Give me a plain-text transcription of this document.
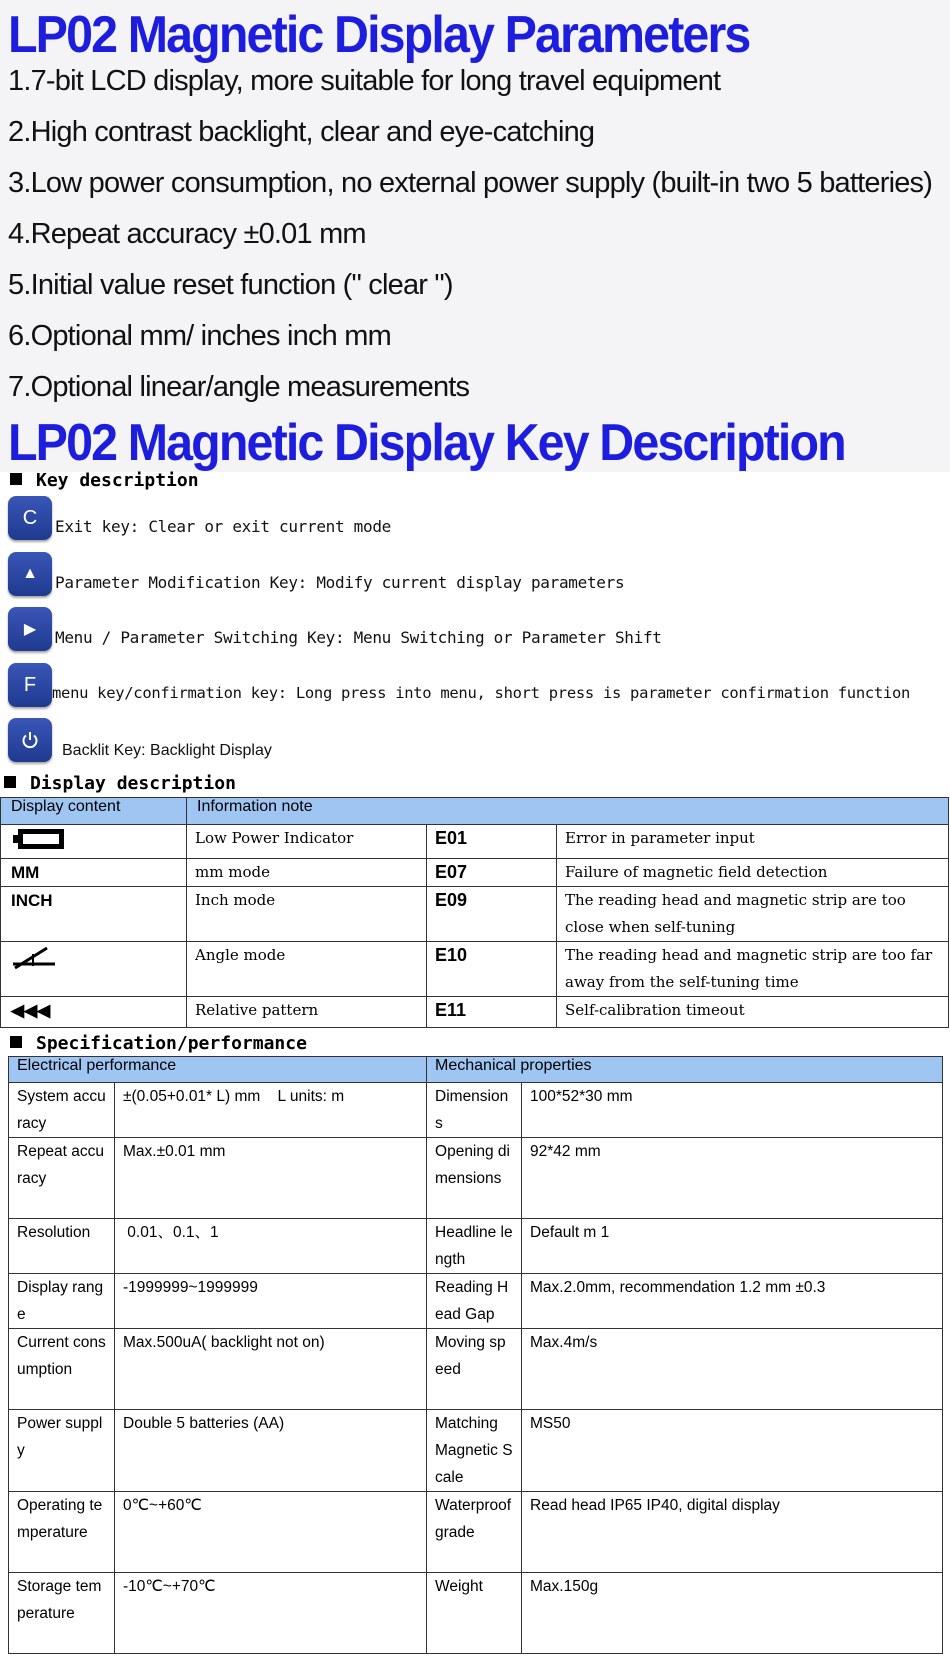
LP02 Magnetic Display Parameters
1.7-bit LCD display, more suitable for long travel equipment
2.High contrast backlight, clear and eye-catching
3.Low power consumption, no external power supply (built-in two 5 batteries)
4.Repeat accuracy ±0.01 mm
5.Initial value reset function (" clear ")
6.Optional mm/ inches inch mm
7.Optional linear/angle measurements
LP02 Magnetic Display Key Description
Key description
C	Exit key: Clear or exit current mode
▲	Parameter Modification Key: Modify current display parameters
▶	Menu / Parameter Switching Key: Menu Switching or Parameter Shift
F	menu key/confirmation key: Long press into menu, short press is parameter confirmation function
Backlit Key: Backlight Display
Display description
Display content	Information note		
	Low Power Indicator	E01	Error in parameter input
MM	mm mode	E07	Failure of magnetic field detection
INCH	Inch mode	E09	The reading head and magnetic strip are too close when self-tuning
	Angle mode	E10	The reading head and magnetic strip are too far away from the self-tuning time
◀◀◀	Relative pattern	E11	Self-calibration timeout
Specification/performance
Electrical performance		Mechanical properties	
System accuracy	±(0.05+0.01* L) mm    L units: m	Dimensions	100*52*30 mm
Repeat accuracy	Max.±0.01 mm	Opening dimensions	92*42 mm
Resolution	0.01、0.1、1	Headline length	Default m 1
Display range	-1999999~1999999	Reading Head Gap	Max.2.0mm, recommendation 1.2 mm ±0.3
Current consumption	Max.500uA( backlight not on)	Moving speed	Max.4m/s
Power supply	Double 5 batteries (AA)	Matching Magnetic Scale	MS50
Operating temperature	0℃~+60℃	Waterproof grade	Read head IP65 IP40, digital display
Storage temperature	-10℃~+70℃	Weight	Max.150g
